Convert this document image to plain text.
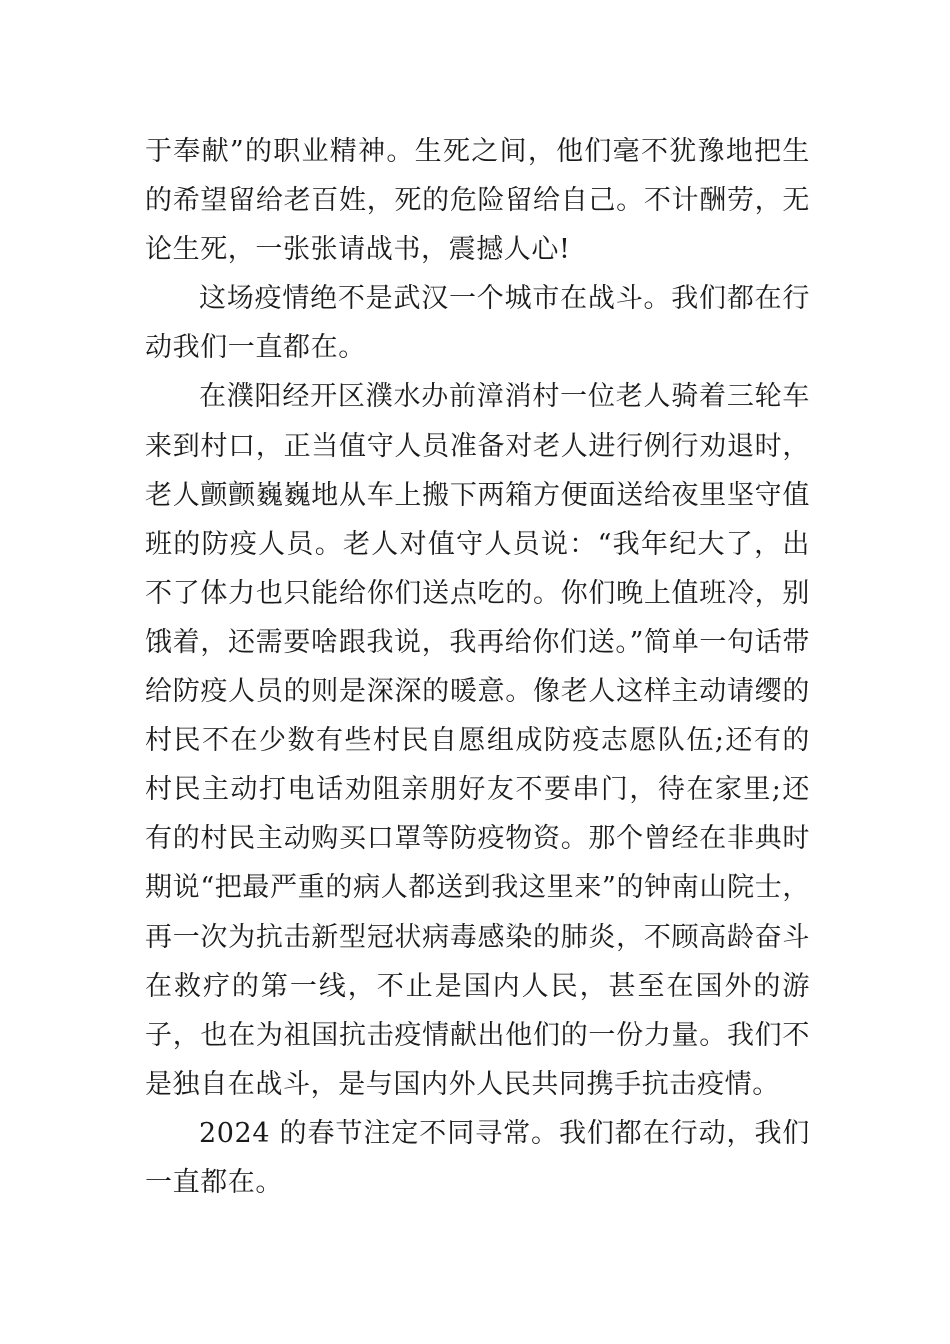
于奉献”的职业精神。生死之间，他们毫不犹豫地把生的希望留给老百姓，死的危险留给自己。不计酬劳，无论生死，一张张请战书，震撼人心!

这场疫情绝不是武汉一个城市在战斗。我们都在行动我们一直都在。

在濮阳经开区濮水办前漳消村一位老人骑着三轮车来到村口，正当值守人员准备对老人进行例行劝退时，老人颤颤巍巍地从车上搬下两箱方便面送给夜里坚守值班的防疫人员。老人对值守人员说：“我年纪大了，出不了体力也只能给你们送点吃的。你们晚上值班冷，别饿着，还需要啥跟我说，我再给你们送。”简单一句话带给防疫人员的则是深深的暖意。像老人这样主动请缨的村民不在少数有些村民自愿组成防疫志愿队伍;还有的村民主动打电话劝阻亲朋好友不要串门，待在家里;还有的村民主动购买口罩等防疫物资。那个曾经在非典时期说“把最严重的病人都送到我这里来”的钟南山院士，再一次为抗击新型冠状病毒感染的肺炎，不顾高龄奋斗在救疗的第一线，不止是国内人民，甚至在国外的游子，也在为祖国抗击疫情献出他们的一份力量。我们不是独自在战斗，是与国内外人民共同携手抗击疫情。

2024 的春节注定不同寻常。我们都在行动，我们一直都在。
